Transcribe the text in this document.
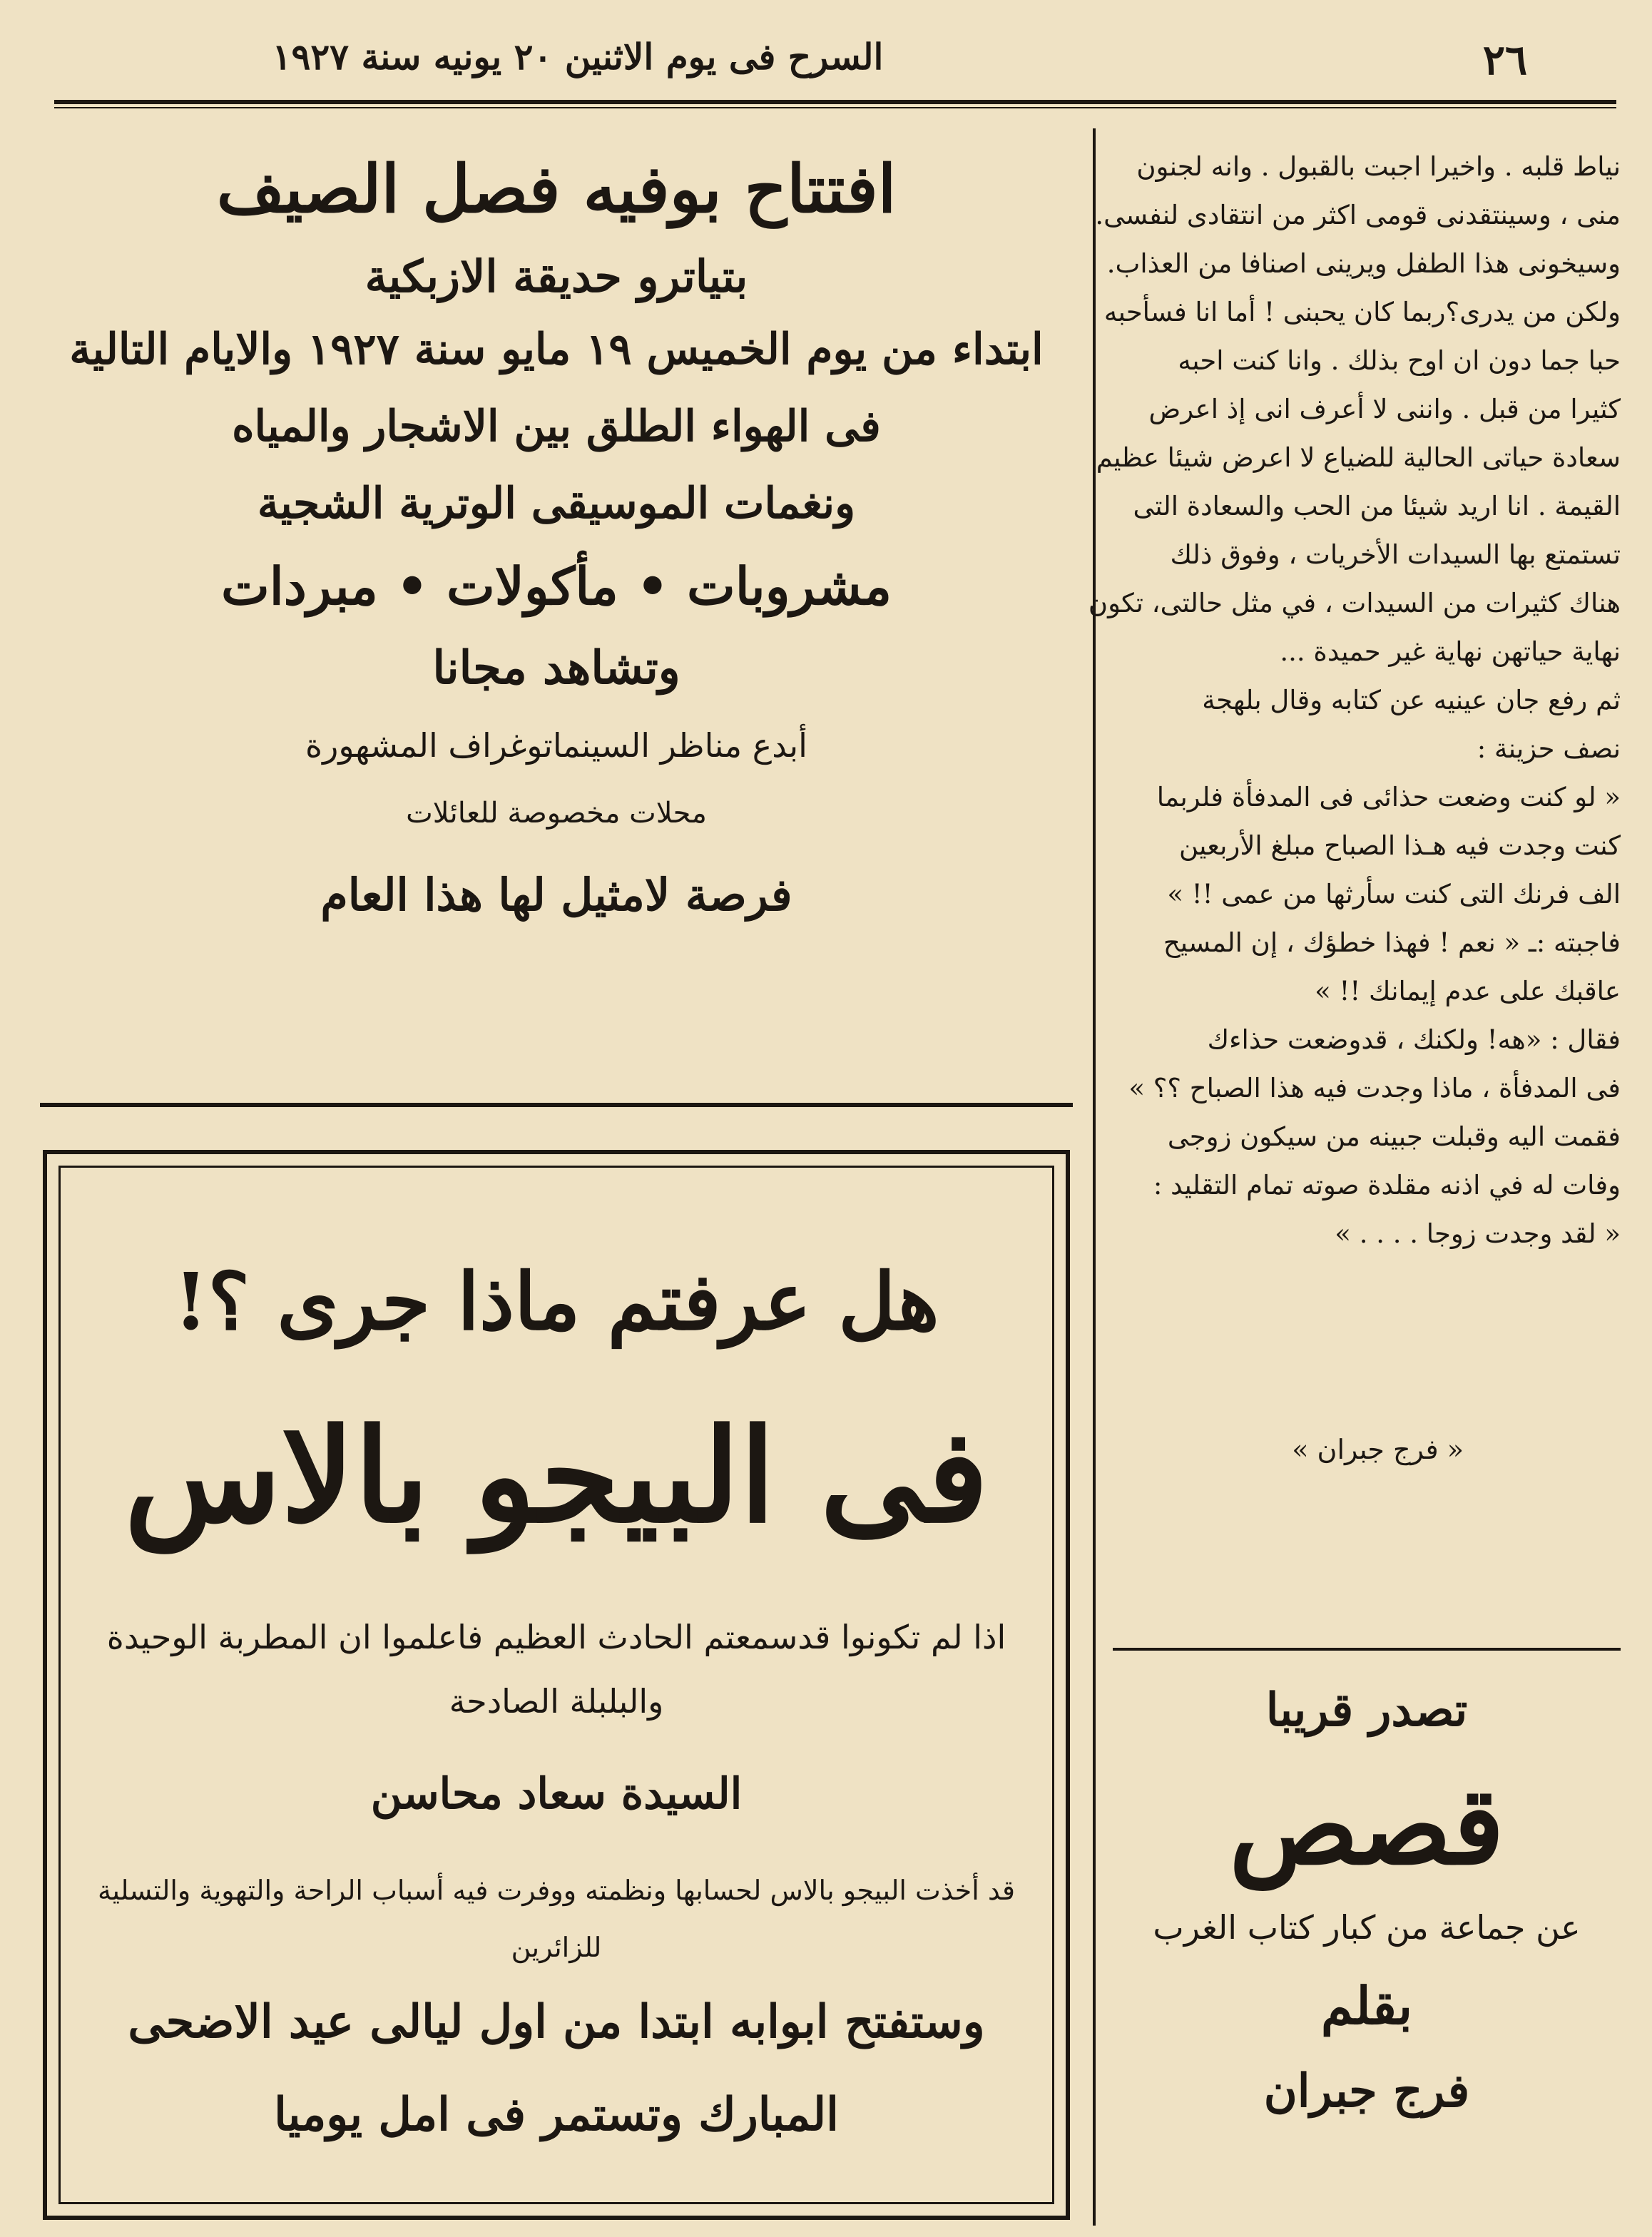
٢٦
السرح فى يوم الاثنين ٢٠ يونيه سنة ١٩٢٧
نياط قلبه . واخيرا اجبت بالقبول . وانه لجنون
منى ، وسينتقدنى قومى اكثر من انتقادى لنفسى.
وسيخونى هذا الطفل ويرينى اصنافا من العذاب.
ولكن من يدرى؟ربما كان يحبنى ! أما انا فسأحبه
حبا جما دون ان اوح بذلك . وانا كنت احبه
كثيرا من قبل . واننى لا أعرف انى إذ اعرض
سعادة حياتى الحالية للضياع لا اعرض شيئا عظيم
القيمة . انا اريد شيئا من الحب والسعادة التى
تستمتع بها السيدات الأخريات ، وفوق ذلك
هناك كثيرات من السيدات ، في مثل حالتى، تكون
نهاية حياتهن نهاية غير حميدة ...
ثم رفع جان عينيه عن كتابه وقال بلهجة
نصف حزينة :
« لو كنت وضعت حذائى فى المدفأة فلربما
كنت وجدت فيه هـذا الصباح مبلغ الأربعين
الف فرنك التى كنت سأرثها من عمى !! »
فاجبته :ـ « نعم ! فهذا خطؤك ، إن المسيح
عاقبك على عدم إيمانك !! »
فقال : «هه! ولكنك ، قدوضعت حذاءك
فى المدفأة ، ماذا وجدت فيه هذا الصباح ؟؟ »
فقمت اليه وقبلت جبينه من سيكون زوجى
وفات له في اذنه مقلدة صوته تمام التقليد :
« لقد وجدت زوجا . . . . »
« فرج جبران »
تصدر قريبا
قصص
عن جماعة من كبار كتاب الغرب
بقلم
فرج جبران
افتتاح بوفيه فصل الصيف
بتياترو حديقة الازبكية
ابتداء من يوم الخميس ١٩ مايو سنة ١٩٢٧ والايام التالية
فى الهواء الطلق بين الاشجار والمياه
ونغمات الموسيقى الوترية الشجية
مشروبات • مأكولات • مبردات
وتشاهد مجانا
أبدع مناظر السينماتوغراف المشهورة
محلات مخصوصة للعائلات
فرصة لامثيل لها هذا العام
هل عرفتم ماذا جرى ؟!
فى البيجو بالاس
اذا لم تكونوا قدسمعتم الحادث العظيم فاعلموا ان المطربة الوحيدة والبلبلة الصادحة
السيدة سعاد محاسن
قد أخذت البيجو بالاس لحسابها ونظمته ووفرت فيه أسباب الراحة والتهوية والتسلية للزائرين
وستفتح ابوابه ابتدا من اول ليالى عيد الاضحى
المبارك وتستمر فى امل يوميا
